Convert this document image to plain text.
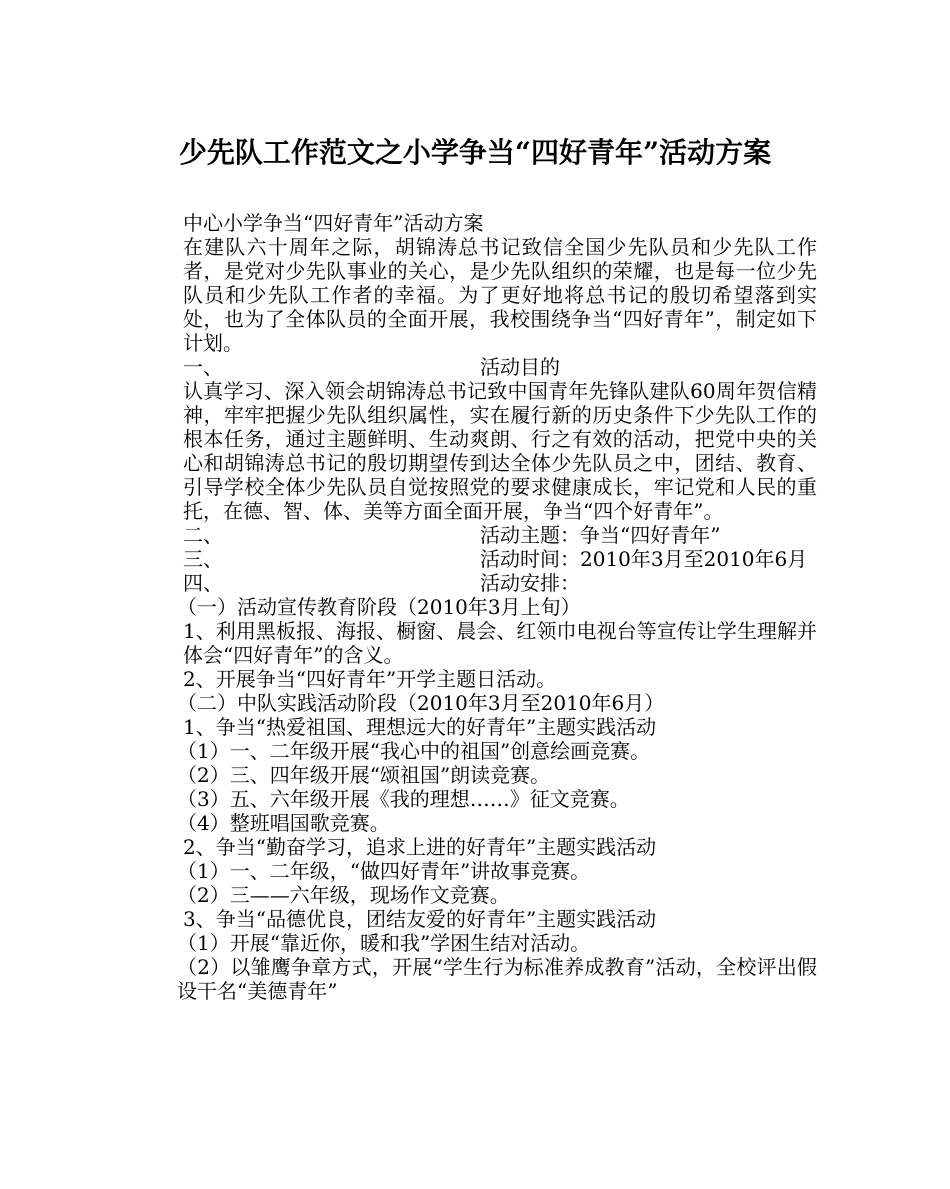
少先队工作范文之小学争当“四好青年”活动方案

中心小学争当“四好青年”活动方案

在建队六十周年之际，胡锦涛总书记致信全国少先队员和少先队工作者，是党对少先队事业的关心，是少先队组织的荣耀，也是每一位少先队员和少先队工作者的幸福。为了更好地将总书记的殷切希望落到实处，也为了全体队员的全面开展，我校围绕争当“四好青年”，制定如下计划。

一、	活动目的

认真学习、深入领会胡锦涛总书记致中国青年先锋队建队60周年贺信精神，牢牢把握少先队组织属性，实在履行新的历史条件下少先队工作的根本任务，通过主题鲜明、生动爽朗、行之有效的活动，把党中央的关心和胡锦涛总书记的殷切期望传到达全体少先队员之中，团结、教育、引导学校全体少先队员自觉按照党的要求健康成长，牢记党和人民的重托，在德、智、体、美等方面全面开展，争当“四个好青年”。

二、	活动主题：争当“四好青年”
三、	活动时间：2010年3月至2010年6月
四、	活动安排：

（一）活动宣传教育阶段（2010年3月上旬）

1、利用黑板报、海报、橱窗、晨会、红领巾电视台等宣传让学生理解并体会“四好青年”的含义。

2、开展争当“四好青年”开学主题日活动。

（二）中队实践活动阶段（2010年3月至2010年6月）

1、争当“热爱祖国、理想远大的好青年”主题实践活动

（1）一、二年级开展“我心中的祖国”创意绘画竞赛。

（2）三、四年级开展“颂祖国”朗读竞赛。

（3）五、六年级开展《我的理想……》征文竞赛。

（4）整班唱国歌竞赛。

2、争当“勤奋学习，追求上进的好青年”主题实践活动

（1）一、二年级，“做四好青年”讲故事竞赛。

（2）三——六年级，现场作文竞赛。

3、争当“品德优良，团结友爱的好青年”主题实践活动

（1）开展“靠近你，暖和我”学困生结对活动。

（2）以雏鹰争章方式，开展“学生行为标准养成教育”活动，全校评出假设干名“美德青年”
